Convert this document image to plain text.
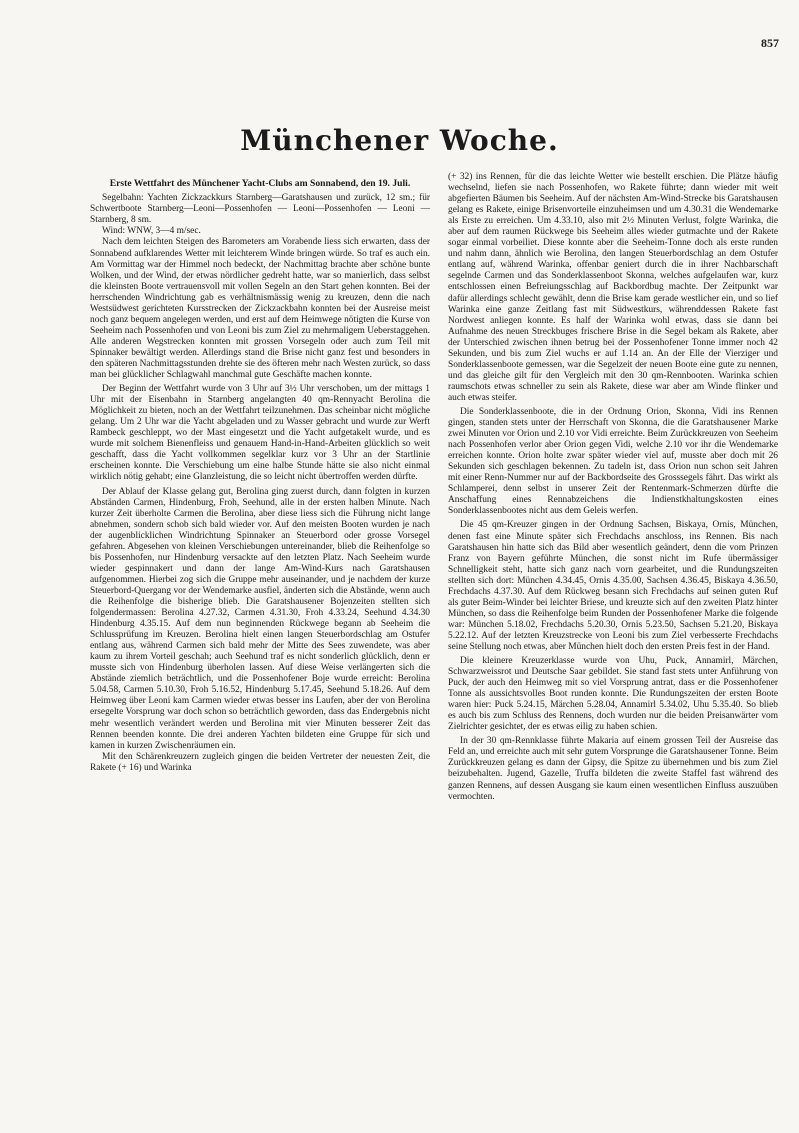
857
Münchener Woche.
Erste Wettfahrt des Münchener Yacht-Clubs am Sonnabend, den 19. Juli.

Segelbahn: Yachten Zickzackkurs Starnberg—Garatshausen und zurück, 12 sm.; für Schwertboote Starnberg—Leoni—Possenhofen — Leoni—Possenhofen — Leoni — Starnberg, 8 sm.

Wind: WNW, 3—4 m/sec.

Nach dem leichten Steigen des Barometers am Vorabende liess sich erwarten, dass der Sonnabend aufklarendes Wetter mit leichterem Winde bringen würde. So traf es auch ein. Am Vormittag war der Himmel noch bedeckt, der Nachmittag brachte aber schöne bunte Wolken, und der Wind, der etwas nördlicher gedreht hatte, war so manierlich, dass selbst die kleinsten Boote vertrauensvoll mit vollen Segeln an den Start gehen konnten. Bei der herrschenden Windrichtung gab es verhältnismässig wenig zu kreuzen, denn die nach Westsüdwest gerichteten Kursstrecken der Zickzackbahn konnten bei der Ausreise meist noch ganz bequem angelegen werden, und erst auf dem Heimwege nötigten die Kurse von Seeheim nach Possenhofen und von Leoni bis zum Ziel zu mehrmaligem Ueberstaggehen. Alle anderen Wegstrecken konnten mit grossen Vorsegeln oder auch zum Teil mit Spinnaker bewältigt werden. Allerdings stand die Brise nicht ganz fest und besonders in den späteren Nachmittagsstunden drehte sie des öfteren mehr nach Westen zurück, so dass man bei glücklicher Schlagwahl manchmal gute Geschäfte machen konnte.

Der Beginn der Wettfahrt wurde von 3 Uhr auf 3½ Uhr verschoben, um der mittags 1 Uhr mit der Eisenbahn in Starnberg angelangten 40 qm-Rennyacht Berolina die Möglichkeit zu bieten, noch an der Wettfahrt teilzunehmen. Das scheinbar nicht mögliche gelang. Um 2 Uhr war die Yacht abgeladen und zu Wasser gebracht und wurde zur Werft Rambeck geschleppt, wo der Mast eingesetzt und die Yacht aufgetakelt wurde, und es wurde mit solchem Bienenfleiss und genauem Hand-in-Hand-Arbeiten glücklich so weit geschafft, dass die Yacht vollkommen segelklar kurz vor 3 Uhr an der Startlinie erscheinen konnte. Die Verschiebung um eine halbe Stunde hätte sie also nicht einmal wirklich nötig gehabt; eine Glanzleistung, die so leicht nicht übertroffen werden dürfte.

Der Ablauf der Klasse gelang gut, Berolina ging zuerst durch, dann folgten in kurzen Abständen Carmen, Hindenburg, Froh, Seehund, alle in der ersten halben Minute. Nach kurzer Zeit überholte Carmen die Berolina, aber diese liess sich die Führung nicht lange abnehmen, sondern schob sich bald wieder vor. Auf den meisten Booten wurden je nach der augenblicklichen Windrichtung Spinnaker an Steuerbord oder grosse Vorsegel gefahren. Abgesehen von kleinen Verschiebungen untereinander, blieb die Reihenfolge so bis Possenhofen, nur Hindenburg versackte auf den letzten Platz. Nach Seeheim wurde wieder gespinnakert und dann der lange Am-Wind-Kurs nach Garatshausen aufgenommen. Hierbei zog sich die Gruppe mehr auseinander, und je nachdem der kurze Steuerbord-Quergang vor der Wendemarke ausfiel, änderten sich die Abstände, wenn auch die Reihenfolge die bisherige blieb. Die Garatshausener Bojenzeiten stellten sich folgendermassen: Berolina 4.27.32, Carmen 4.31.30, Froh 4.33.24, Seehund 4.34.30 Hindenburg 4.35.15. Auf dem nun beginnenden Rückwege begann ab Seeheim die Schlussprüfung im Kreuzen. Berolina hielt einen langen Steuerbordschlag am Ostufer entlang aus, während Carmen sich bald mehr der Mitte des Sees zuwendete, was aber kaum zu ihrem Vorteil geschah; auch Seehund traf es nicht sonderlich glücklich, denn er musste sich von Hindenburg überholen lassen. Auf diese Weise verlängerten sich die Abstände ziemlich beträchtlich, und die Possenhofener Boje wurde erreicht: Berolina 5.04.58, Carmen 5.10.30, Froh 5.16.52, Hindenburg 5.17.45, Seehund 5.18.26. Auf dem Heimweg über Leoni kam Carmen wieder etwas besser ins Laufen, aber der von Berolina ersegelte Vorsprung war doch schon so beträchtlich geworden, dass das Endergebnis nicht mehr wesentlich verändert werden und Berolina mit vier Minuten besserer Zeit das Rennen beenden konnte. Die drei anderen Yachten bildeten eine Gruppe für sich und kamen in kurzen Zwischenräumen ein.

Mit den Schärenkreuzern zugleich gingen die beiden Vertreter der neuesten Zeit, die Rakete (+ 16) und Warinka

(+ 32) ins Rennen, für die das leichte Wetter wie bestellt erschien. Die Plätze häufig wechselnd, liefen sie nach Possenhofen, wo Rakete führte; dann wieder mit weit abgefierten Bäumen bis Seeheim. Auf der nächsten Am-Wind-Strecke bis Garatshausen gelang es Rakete, einige Brisenvorteile einzuheimsen und um 4.30.31 die Wendemarke als Erste zu erreichen. Um 4.33.10, also mit 2½ Minuten Verlust, folgte Warinka, die aber auf dem raumen Rückwege bis Seeheim alles wieder gutmachte und der Rakete sogar einmal vorbeiliet. Diese konnte aber die Seeheim-Tonne doch als erste runden und nahm dann, ähnlich wie Berolina, den langen Steuerbordschlag an dem Ostufer entlang auf, während Warinka, offenbar geniert durch die in ihrer Nachbarschaft segelnde Carmen und das Sonderklassenboot Skonna, welches aufgelaufen war, kurz entschlossen einen Befreiungsschlag auf Backbordbug machte. Der Zeitpunkt war dafür allerdings schlecht gewählt, denn die Brise kam gerade westlicher ein, und so lief Warinka eine ganze Zeitlang fast mit Südwestkurs, währenddessen Rakete fast Nordwest anliegen konnte. Es half der Warinka wohl etwas, dass sie dann bei Aufnahme des neuen Streckbuges frischere Brise in die Segel bekam als Rakete, aber der Unterschied zwischen ihnen betrug bei der Possenhofener Tonne immer noch 42 Sekunden, und bis zum Ziel wuchs er auf 1.14 an. An der Elle der Vierziger und Sonderklassenboote gemessen, war die Segelzeit der neuen Boote eine gute zu nennen, und das gleiche gilt für den Vergleich mit den 30 qm-Rennbooten. Warinka schien raumschots etwas schneller zu sein als Rakete, diese war aber am Winde flinker und auch etwas steifer.

Die Sonderklassenboote, die in der Ordnung Orion, Skonna, Vidi ins Rennen gingen, standen stets unter der Herrschaft von Skonna, die die Garatshausener Marke zwei Minuten vor Orion und 2.10 vor Vidi erreichte. Beim Zurückkreuzen von Seeheim nach Possenhofen verlor aber Orion gegen Vidi, welche 2.10 vor ihr die Wendemarke erreichen konnte. Orion holte zwar später wieder viel auf, musste aber doch mit 26 Sekunden sich geschlagen bekennen. Zu tadeln ist, dass Orion nun schon seit Jahren mit einer Renn-Nummer nur auf der Backbordseite des Grosssegels fährt. Das wirkt als Schlamperei, denn selbst in unserer Zeit der Rentenmark-Schmerzen dürfte die Anschaffung eines Rennabzeichens die Indienstkhaltungskosten eines Sonderklassenbootes nicht aus dem Geleis werfen.

Die 45 qm-Kreuzer gingen in der Ordnung Sachsen, Biskaya, Ornis, München, denen fast eine Minute später sich Frechdachs anschloss, ins Rennen. Bis nach Garatshausen hin hatte sich das Bild aber wesentlich geändert, denn die vom Prinzen Franz von Bayern geführte München, die sonst nicht im Rufe übermässiger Schnelligkeit steht, hatte sich ganz nach vorn gearbeitet, und die Rundungszeiten stellten sich dort: München 4.34.45, Ornis 4.35.00, Sachsen 4.36.45, Biskaya 4.36.50, Frechdachs 4.37.30. Auf dem Rückweg besann sich Frechdachs auf seinen guten Ruf als guter Beim-Winder bei leichter Briese, und kreuzte sich auf den zweiten Platz hinter München, so dass die Reihenfolge beim Runden der Possenhofener Marke die folgende war: München 5.18.02, Frechdachs 5.20.30, Ornis 5.23.50, Sachsen 5.21.20, Biskaya 5.22.12. Auf der letzten Kreuzstrecke von Leoni bis zum Ziel verbesserte Frechdachs seine Stellung noch etwas, aber München hielt doch den ersten Preis fest in der Hand.

Die kleinere Kreuzerklasse wurde von Uhu, Puck, Annamirl, Märchen, Schwarzweissrot und Deutsche Saar gebildet. Sie stand fast stets unter Anführung von Puck, der auch den Heimweg mit so viel Vorsprung antrat, dass er die Possenhofener Tonne als aussichtsvolles Boot runden konnte. Die Rundungszeiten der ersten Boote waren hier: Puck 5.24.15, Märchen 5.28.04, Annamirl 5.34.02, Uhu 5.35.40. So blieb es auch bis zum Schluss des Rennens, doch wurden nur die beiden Preisanwärter vom Zielrichter gesichtet, der es etwas eilig zu haben schien.

In der 30 qm-Rennklasse führte Makaria auf einem grossen Teil der Ausreise das Feld an, und erreichte auch mit sehr gutem Vorsprunge die Garatshausener Tonne. Beim Zurückkreuzen gelang es dann der Gipsy, die Spitze zu übernehmen und bis zum Ziel beizubehalten. Jugend, Gazelle, Truffa bildeten die zweite Staffel fast während des ganzen Rennens, auf dessen Ausgang sie kaum einen wesentlichen Einfluss auszuüben vermochten.
